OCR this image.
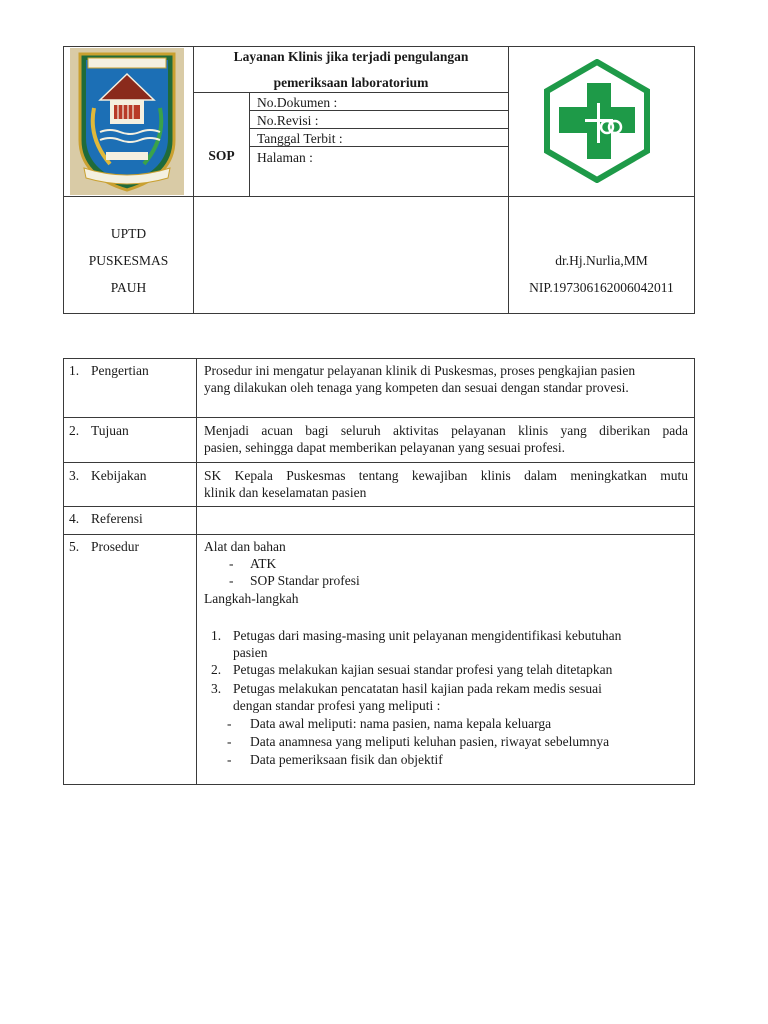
Layanan Klinis jika terjadi pengulangan
pemeriksaan laboratorium
SOP
No.Dokumen :
No.Revisi :
Tanggal Terbit :
Halaman :
UPTD
PUSKESMAS
PAUH
dr.Hj.Nurlia,MM
NIP.197306162006042011
1. Pengertian	Prosedur ini mengatur pelayanan klinik di Puskesmas, proses pengkajian pasien
yang dilakukan oleh tenaga yang kompeten dan sesuai dengan standar provesi.
2. Tujuan	Menjadi acuan bagi seluruh aktivitas pelayanan klinis yang diberikan pada
pasien, sehingga dapat memberikan pelayanan yang sesuai profesi.
3. Kebijakan	SK Kepala Puskesmas tentang kewajiban klinis dalam meningkatkan mutu
klinik dan keselamatan pasien
4. Referensi
5. Prosedur	Alat dan bahan
- ATK
- SOP Standar profesi
Langkah-langkah
1. Petugas dari masing-masing unit pelayanan mengidentifikasi kebutuhan
pasien
2. Petugas melakukan kajian sesuai standar profesi yang telah ditetapkan
3. Petugas melakukan pencatatan hasil kajian pada rekam medis sesuai
dengan standar profesi yang meliputi :
- Data awal meliputi: nama pasien, nama kepala keluarga
- Data anamnesa yang meliputi keluhan pasien, riwayat sebelumnya
- Data pemeriksaan fisik dan objektif
